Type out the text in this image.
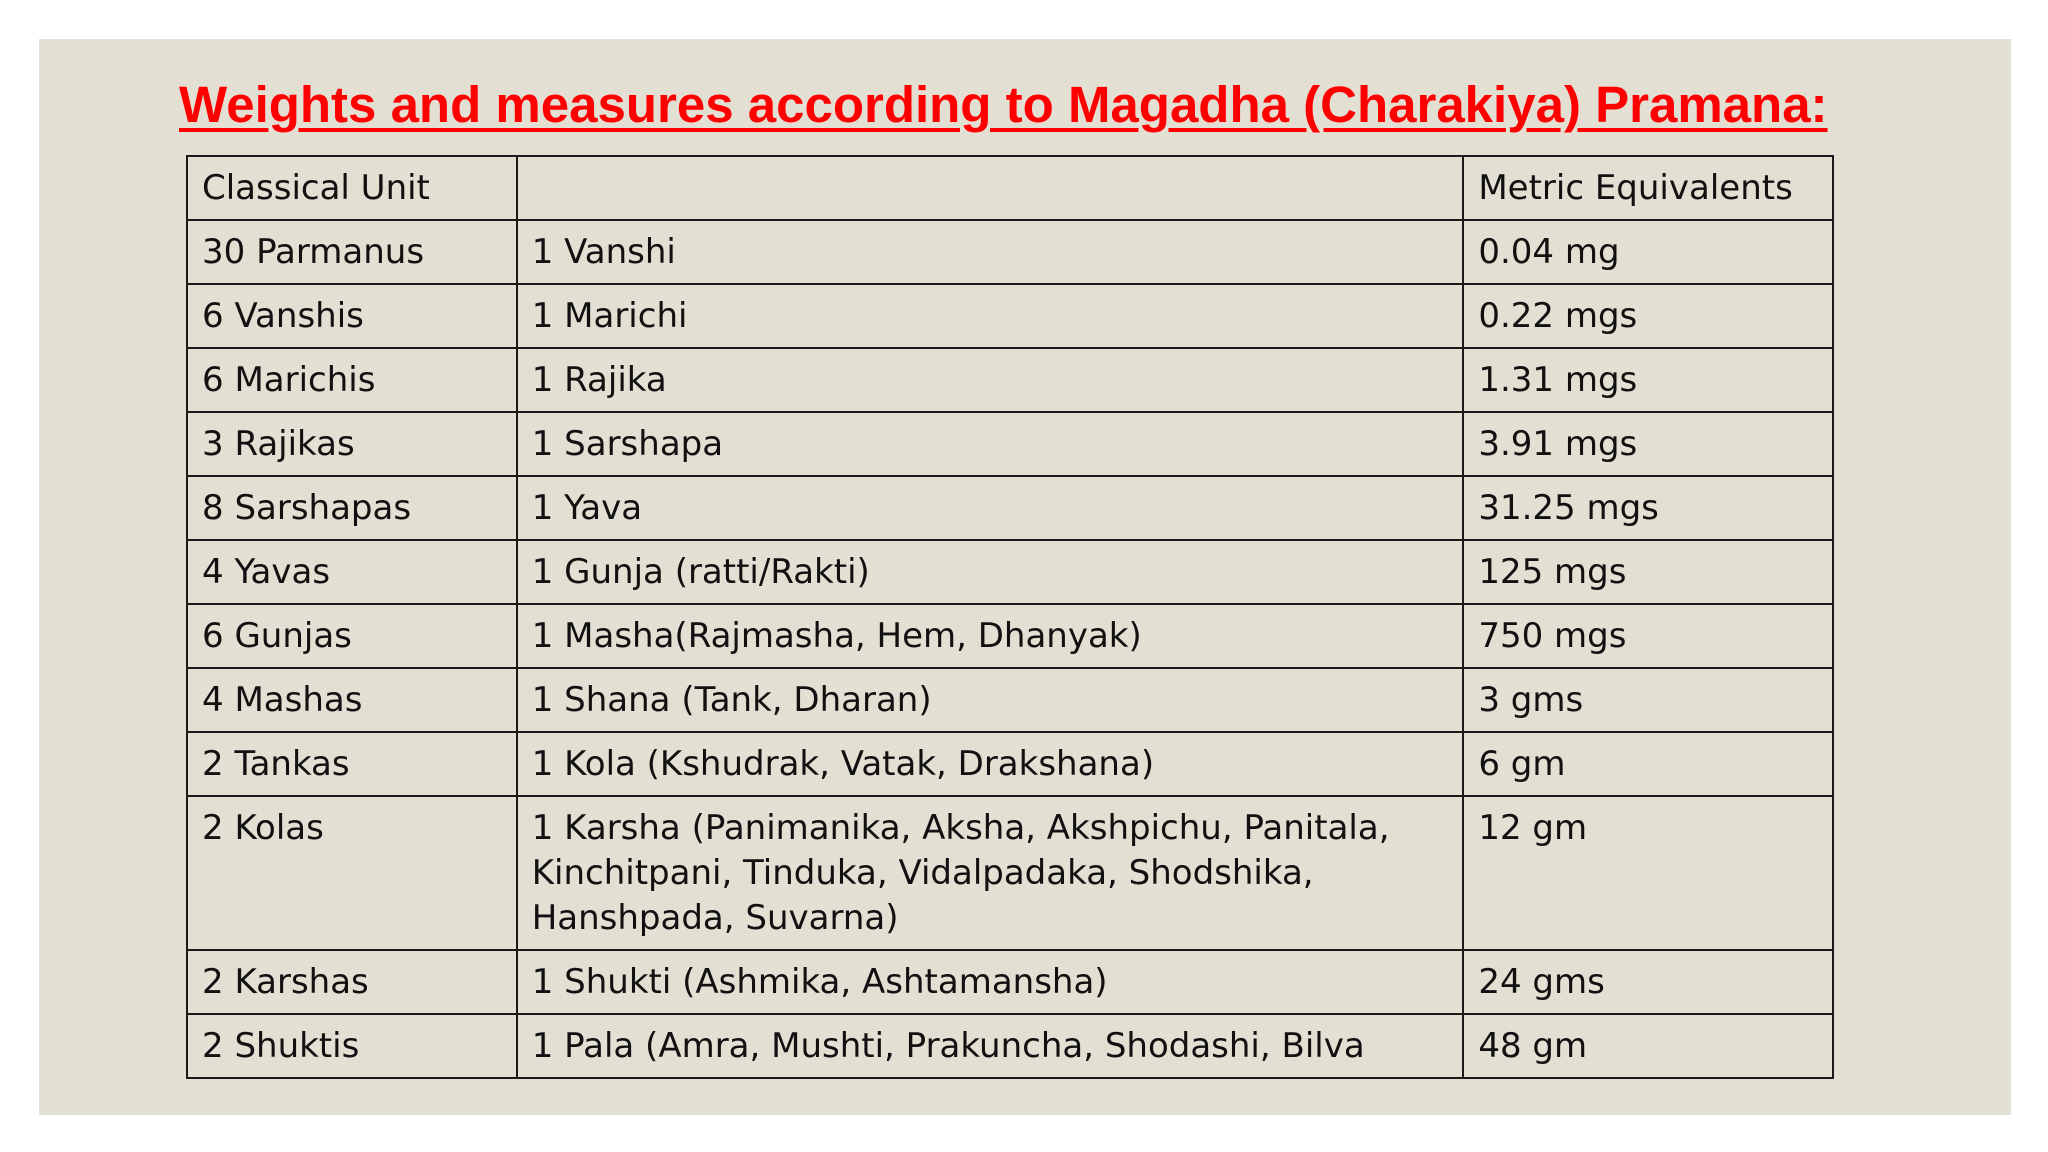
Weights and measures according to Magadha (Charakiya) Pramana:
Classical Unit		Metric Equivalents
30 Parmanus	1 Vanshi	0.04 mg
6 Vanshis	1 Marichi	0.22 mgs
6 Marichis	1 Rajika	1.31 mgs
3 Rajikas	1 Sarshapa	3.91 mgs
8 Sarshapas	1 Yava	31.25 mgs
4 Yavas	1 Gunja (ratti/Rakti)	125 mgs
6 Gunjas	1 Masha(Rajmasha, Hem, Dhanyak)	750 mgs
4 Mashas	1 Shana (Tank, Dharan)	3 gms
2 Tankas	1 Kola (Kshudrak, Vatak, Drakshana)	6 gm
2 Kolas	1 Karsha (Panimanika, Aksha, Akshpichu, Panitala, Kinchitpani, Tinduka, Vidalpadaka, Shodshika, Hanshpada, Suvarna)	12 gm
2 Karshas	1 Shukti (Ashmika, Ashtamansha)	24 gms
2 Shuktis	1 Pala (Amra, Mushti, Prakuncha, Shodashi, Bilva	48 gm
